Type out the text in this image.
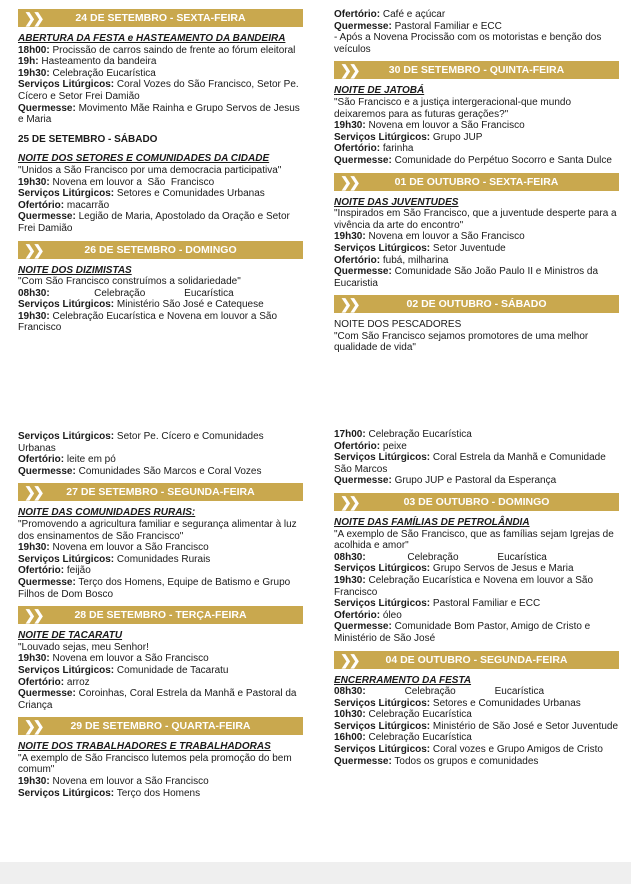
❯❯	24 DE SETEMBRO - SEXTA-FEIRA
ABERTURA DA FESTA e HASTEAMENTO DA BANDEIRA
18h00: Procissão de carros saindo de frente ao fórum eleitoral
19h: Hasteamento da bandeira
19h30: Celebração Eucarística
Serviços Litúrgicos: Coral Vozes do São Francisco, Setor Pe. Cícero e Setor Frei Damião
Quermesse: Movimento Mãe Rainha e Grupo Servos de Jesus e Maria
25 DE SETEMBRO - SÁBADO
NOITE DOS SETORES E COMUNIDADES DA CIDADE
"Unidos a São Francisco por uma democracia participativa"
19h30: Novena em louvor a  São  Francisco
Serviços Litúrgicos: Setores e Comunidades Urbanas
Ofertório: macarrão
Quermesse: Legião de Maria, Apostolado da Oração e Setor Frei Damião
❯❯	26 DE SETEMBRO - DOMINGO
NOITE DOS DIZIMISTAS
"Com São Francisco construímos a solidariedade"
08h30:                Celebração              Eucarística
Serviços Litúrgicos: Ministério São José e Catequese
19h30: Celebração Eucarística e Novena em louvor a São Francisco
Serviços Litúrgicos: Setor Pe. Cícero e Comunidades Urbanas
Ofertório: leite em pó
Quermesse: Comunidades São Marcos e Coral Vozes
❯❯	27 DE SETEMBRO - SEGUNDA-FEIRA
NOITE DAS COMUNIDADES RURAIS:
"Promovendo a agricultura familiar e segurança alimentar à luz dos ensinamentos de São Francisco"
19h30: Novena em louvor a São Francisco
Serviços Litúrgicos: Comunidades Rurais
Ofertório: feijão
Quermesse: Terço dos Homens, Equipe de Batismo e Grupo Filhos de Dom Bosco
❯❯	28 DE SETEMBRO - TERÇA-FEIRA
NOITE DE TACARATU
"Louvado sejas, meu Senhor!
19h30: Novena em louvor a São Francisco
Serviços Litúrgicos: Comunidade de Tacaratu
Ofertório: arroz
Quermesse: Coroinhas, Coral Estrela da Manhã e Pastoral da Criança
❯❯	29 DE SETEMBRO - QUARTA-FEIRA
NOITE DOS TRABALHADORES E TRABALHADORAS
"A exemplo de São Francisco lutemos pela promoção do bem comum"
19h30: Novena em louvor a São Francisco
Serviços Litúrgicos: Terço dos Homens
Ofertório: Café e açúcar
Quermesse: Pastoral Familiar e ECC
- Após a Novena Procissão com os motoristas e benção dos veículos
❯❯	30 DE SETEMBRO - QUINTA-FEIRA
NOITE DE JATOBÁ
"São Francisco e a justiça intergeracional-que mundo deixaremos para as futuras gerações?"
19h30: Novena em louvor a São Francisco
Serviços Litúrgicos: Grupo JUP
Ofertório: farinha
Quermesse: Comunidade do Perpétuo Socorro e Santa Dulce
❯❯	01 DE OUTUBRO - SEXTA-FEIRA
NOITE DAS JUVENTUDES
"Inspirados em São Francisco, que a juventude desperte para a vivência da arte do encontro"
19h30: Novena em louvor a São Francisco
Serviços Litúrgicos: Setor Juventude
Ofertório: fubá, milharina
Quermesse: Comunidade São João Paulo II e Ministros da Eucaristia
❯❯	02 DE OUTUBRO - SÁBADO
NOITE DOS PESCADORES
"Com São Francisco sejamos promotores de uma melhor qualidade de vida"
17h00: Celebração Eucarística
Ofertório: peixe
Serviços Litúrgicos: Coral Estrela da Manhã e Comunidade São Marcos
Quermesse: Grupo JUP e Pastoral da Esperança
❯❯	03 DE OUTUBRO - DOMINGO
NOITE DAS FAMÍLIAS DE PETROLÂNDIA
"A exemplo de São Francisco, que as famílias sejam Igrejas de acolhida e amor"
08h30:               Celebração              Eucarística
Serviços Litúrgicos: Grupo Servos de Jesus e Maria
19h30: Celebração Eucarística e Novena em louvor a São Francisco
Serviços Litúrgicos: Pastoral Familiar e ECC
Ofertório: óleo
Quermesse: Comunidade Bom Pastor, Amigo de Cristo e Ministério de São José
❯❯	04 DE OUTUBRO - SEGUNDA-FEIRA
ENCERRAMENTO DA FESTA
08h30:              Celebração              Eucarística
Serviços Litúrgicos: Setores e Comunidades Urbanas
10h30: Celebração Eucarística
Serviços Litúrgicos: Ministério de São José e Setor Juventude
16h00: Celebração Eucarística
Serviços Litúrgicos: Coral vozes e Grupo Amigos de Cristo
Quermesse: Todos os grupos e comunidades
